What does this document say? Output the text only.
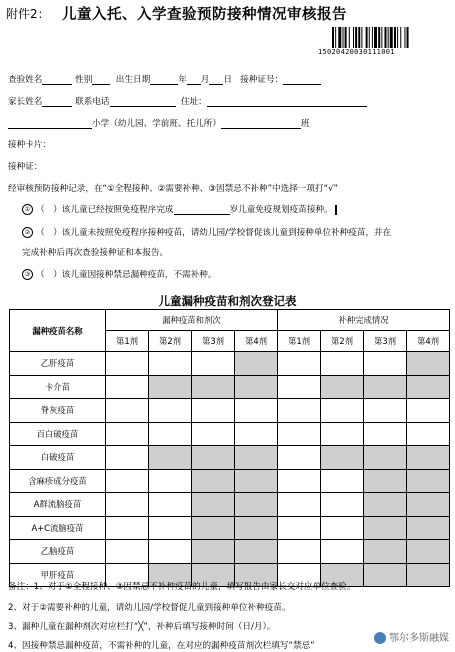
附件2： 儿童入托、入学查验预防接种情况审核报告
15020420030111001
查验姓名	性别	出生日期	年 月 日 接种证号：
家长姓名	联系电话	住址：
小学（幼儿园、学前班、托儿所）	班
接种卡片：
接种证：
经审核预防接种记录，在“①全程接种、②需要补种、③因禁忌不补种”中选择一项打“√”
① （　）该儿童已经按照免疫程序完成	岁儿童免疫规划疫苗接种。
② （　）该儿童未按照免疫程序接种疫苗，请幼儿园/学校督促该儿童到接种单位补种疫苗，并在
完成补种后再次查验接种证和本报告。
③ （　）该儿童因接种禁忌漏种疫苗，不需补种。
儿童漏种疫苗和剂次登记表
漏种疫苗名称	漏种疫苗和剂次				补种完成情况			
	第1剂	第2剂	第3剂	第4剂	第1剂	第2剂	第3剂	第4剂
乙肝疫苗								
卡介苗								
脊灰疫苗								
百白破疫苗								
白破疫苗								
含麻疹成分疫苗								
A群流脑疫苗								
A+C流脑疫苗								
乙脑疫苗								
甲肝疫苗								
备注：1、对于①全程接种、③因禁忌不补种疫苗的儿童，填写报告由家长交对应单位查验。
2、对于②需要补种的儿童，请幼儿园/学校督促儿童到接种单位补种疫苗。
3、漏种儿童在漏种剂次对应栏打“╳”，补种后填写接种时间（日/月）。
4、因接种禁忌漏种疫苗，不需补种的儿童，在对应的漏种疫苗剂次栏填写“禁忌”
鄂尔多斯融媒
